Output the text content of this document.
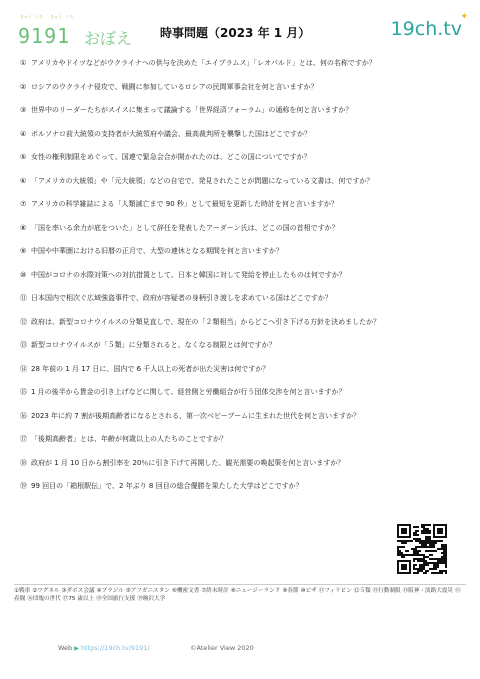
きゅう いち きゅう いち
9191 おぼえ 時事問題（2023 年 1 月）	19ch.tv
✦
① アメリカやドイツなどがウクライナへの供与を決めた「エイブラムス」「レオパルド」とは、何の名称ですか？
② ロシアのウクライナ侵攻で、戦闘に参加しているロシアの民間軍事会社を何と言いますか？
③ 世界中のリーダーたちがスイスに集まって議論する「世界経済フォーラム」の通称を何と言いますか？
④ ボルソナロ前大統領の支持者が大統領府や議会、最高裁判所を襲撃した国はどこですか？
⑤ 女性の権利制限をめぐって、国連で緊急会合が開かれたのは、どこの国についてですか？
⑥ 「アメリカの大統領」や「元大統領」などの自宅で、発見されたことが問題になっている文書は、何ですか？
⑦ アメリカの科学雑誌による「人類滅亡まで 90 秒」として最短を更新した時計を何と言いますか？
⑧ 「国を率いる余力が底をついた」として辞任を発表したアーダーン氏は、どこの国の首相ですか？
⑨ 中国や中華圏における旧暦の正月で、大型の連休となる期間を何と言いますか？
⑩ 中国がコロナの水際対策への対抗措置として、日本と韓国に対して発給を停止したものは何ですか？
⑪ 日本国内で相次ぐ広域強盗事件で、政府が容疑者の身柄引き渡しを求めている国はどこですか？
⑫ 政府は、新型コロナウイルスの分類見直しで、現在の「２類相当」からどこへ引き下げる方針を決めましたか？
⑬ 新型コロナウイルスが「５類」に分類されると、なくなる制限とは何ですか？
⑭ 28 年前の 1 月 17 日に、国内で 6 千人以上の死者が出た災害は何ですか？
⑮ 1 月の後半から賃金の引き上げなどに関して、経営側と労働組合が行う団体交渉を何と言いますか？
⑯ 2023 年に約 7 割が後期高齢者になるとされる、第一次ベビーブームに生まれた世代を何と言いますか？
⑰ 「後期高齢者」とは、年齢が何歳以上の人たちのことですか？
⑱ 政府が 1 月 10 日から割引率を 20％に引き下げて再開した、観光需要の喚起策を何と言いますか？
⑲ 99 回目の「箱根駅伝」で、2 年ぶり 8 回目の総合優勝を果たした大学はどこですか？
①戦車 ②ワグネル ③ダボス会議 ④ブラジル ⑤アフガニスタン ⑥機密文書 ⑦終末時計 ⑧ニュージーランド ⑨春節 ⑩ビザ ⑪フィリピン ⑫５類 ⑬行動制限 ⑭阪神・淡路大震災 ⑮春闘 ⑯団塊の世代 ⑰75 歳以上 ⑱全国旅行支援 ⑲駒沢大学
Web ▶ https://19ch.tv/9191/	©Atelier View 2020
